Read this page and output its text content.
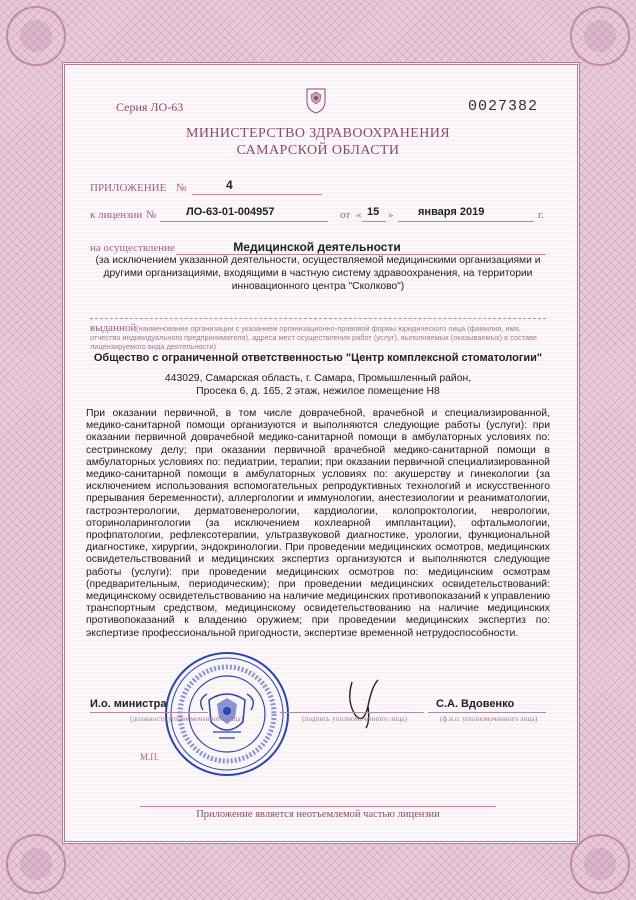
Серия ЛО-63	0027382
МИНИСТЕРСТВО ЗДРАВООХРАНЕНИЯ
САМАРСКОЙ ОБЛАСТИ
ПРИЛОЖЕНИЕ №	4
к лицензии №	ЛО-63-01-004957	от « 15 » января 2019	г.
на осуществление	Медицинской деятельности
(за исключением указанной деятельности, осуществляемой медицинскими организациями и другими организациями, входящими в частную систему здравоохранения, на территории инновационного центра "Сколково")
выданной (наименование организации с указанием организационно-правовой формы юридического лица (фамилия, имя, отчество индивидуального предпринимателя), адреса мест осуществления работ (услуг), выполняемых (оказываемых) в составе лицензируемого вида деятельности)
Общество с ограниченной ответственностью "Центр комплексной стоматологии"
443029, Самарская область, г. Самара, Промышленный район,
Просека 6, д. 165, 2 этаж, нежилое помещение Н8
При оказании первичной, в том числе доврачебной, врачебной и специализированной, медико-санитарной помощи организуются и выполняются следующие работы (услуги): при оказании первичной доврачебной медико-санитарной помощи в амбулаторных условиях по: сестринскому делу; при оказании первичной врачебной медико-санитарной помощи в амбулаторных условиях по: педиатрии, терапии; при оказании первичной специализированной медико-санитарной помощи в амбулаторных условиях по: акушерству и гинекологии (за исключением использования вспомогательных репродуктивных технологий и искусственного прерывания беременности), аллергологии и иммунологии, анестезиологии и реаниматологии, гастроэнтерологии, дерматовенерологии, кардиологии, колопроктологии, неврологии, оториноларингологии (за исключением кохлеарной имплантации), офтальмологии, профпатологии, рефлексотерапии, ультразвуковой диагностике, урологии, функциональной диагностике, хирургии, эндокринологии. При проведении медицинских осмотров, медицинских освидетельствований и медицинских экспертиз организуются и выполняются следующие работы (услуги): при проведении медицинских осмотров по: медицинским осмотрам (предварительным, периодическим); при проведении медицинских освидетельствований: медицинскому освидетельствованию на наличие медицинских противопоказаний к управлению транспортным средством, медицинскому освидетельствованию на наличие медицинских противопоказаний к владению оружием; при проведении медицинских экспертиз по: экспертизе профессиональной пригодности, экспертизе временной нетрудоспособности.
И.о. министра
(должность уполномоченного лица)	(подпись уполномоченного лица)
С.А. Вдовенко
(ф.и.о. уполномоченного лица)
М.П.
Приложение является неотъемлемой частью лицензии
